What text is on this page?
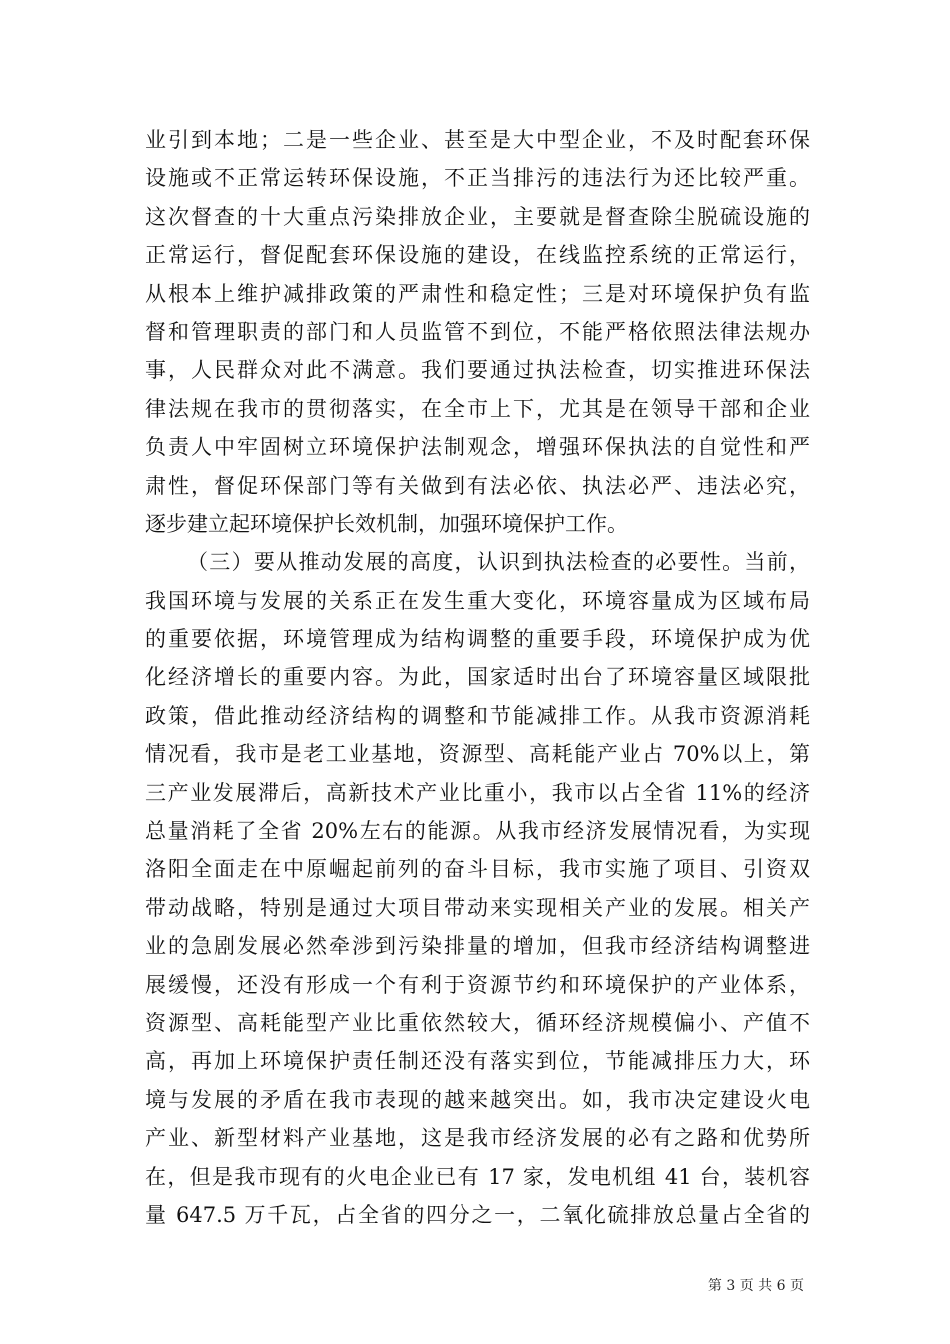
业引到本地；二是一些企业、甚至是大中型企业，不及时配套环保
设施或不正常运转环保设施，不正当排污的违法行为还比较严重。
这次督查的十大重点污染排放企业，主要就是督查除尘脱硫设施的
正常运行，督促配套环保设施的建设，在线监控系统的正常运行，
从根本上维护减排政策的严肃性和稳定性；三是对环境保护负有监
督和管理职责的部门和人员监管不到位，不能严格依照法律法规办
事，人民群众对此不满意。我们要通过执法检查，切实推进环保法
律法规在我市的贯彻落实，在全市上下，尤其是在领导干部和企业
负责人中牢固树立环境保护法制观念，增强环保执法的自觉性和严
肃性，督促环保部门等有关做到有法必依、执法必严、违法必究，
逐步建立起环境保护长效机制，加强环境保护工作。
（三）要从推动发展的高度，认识到执法检查的必要性。当前，
我国环境与发展的关系正在发生重大变化，环境容量成为区域布局
的重要依据，环境管理成为结构调整的重要手段，环境保护成为优
化经济增长的重要内容。为此，国家适时出台了环境容量区域限批
政策，借此推动经济结构的调整和节能减排工作。从我市资源消耗
情况看，我市是老工业基地，资源型、高耗能产业占 70%以上，第
三产业发展滞后，高新技术产业比重小，我市以占全省 11%的经济
总量消耗了全省 20%左右的能源。从我市经济发展情况看，为实现
洛阳全面走在中原崛起前列的奋斗目标，我市实施了项目、引资双
带动战略，特别是通过大项目带动来实现相关产业的发展。相关产
业的急剧发展必然牵涉到污染排量的增加，但我市经济结构调整进
展缓慢，还没有形成一个有利于资源节约和环境保护的产业体系，
资源型、高耗能型产业比重依然较大，循环经济规模偏小、产值不
高，再加上环境保护责任制还没有落实到位，节能减排压力大，环
境与发展的矛盾在我市表现的越来越突出。如，我市决定建设火电
产业、新型材料产业基地，这是我市经济发展的必有之路和优势所
在，但是我市现有的火电企业已有 17 家，发电机组 41 台，装机容
量 647.5 万千瓦，占全省的四分之一，二氧化硫排放总量占全省的
第 3 页 共 6 页
